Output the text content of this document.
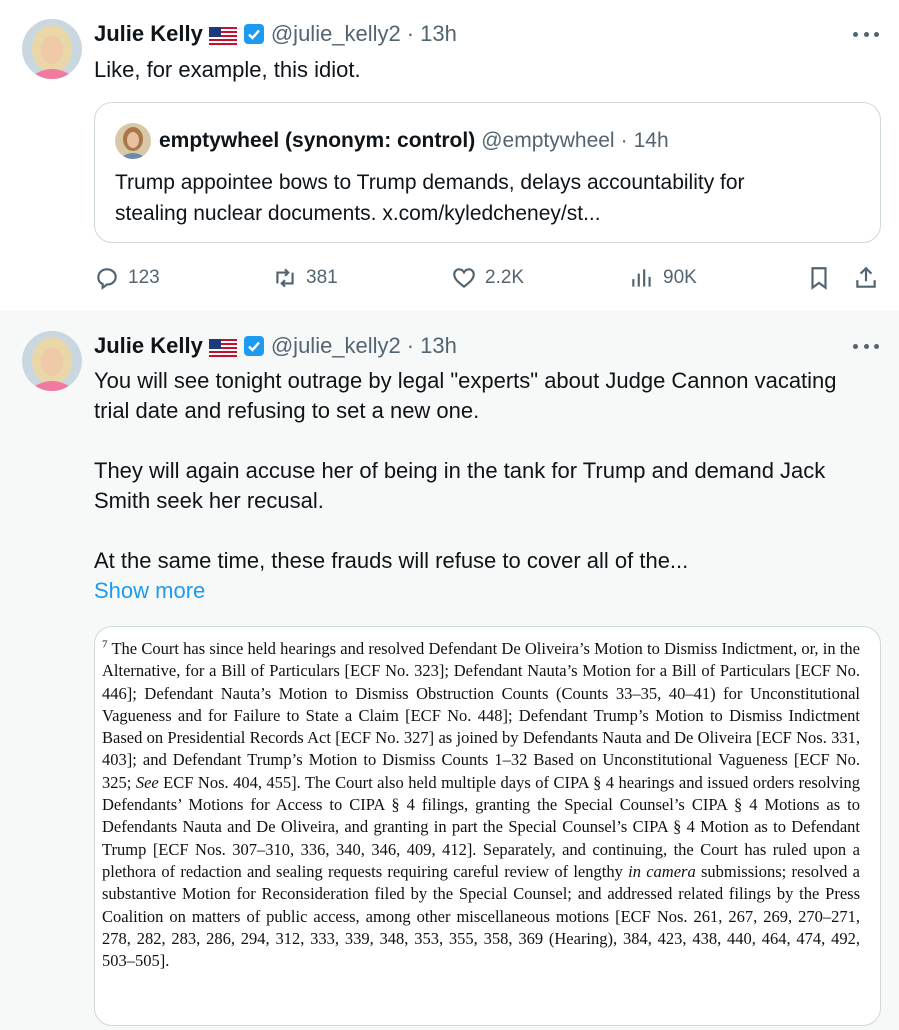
Julie Kelly	@julie_kelly2 · 13h
Like, for example, this idiot.
emptywheel (synonym: control) @emptywheel · 14h
Trump appointee bows to Trump demands, delays accountability for
stealing nuclear documents. x.com/kyledcheney/st...
123	381	2.2K	90K
Julie Kelly	@julie_kelly2 · 13h
You will see tonight outrage by legal "experts" about Judge Cannon vacating
trial date and refusing to set a new one.
They will again accuse her of being in the tank for Trump and demand Jack
Smith seek her recusal.
At the same time, these frauds will refuse to cover all of the...
Show more
$^7$ The Court has since held hearings and resolved Defendant De Oliveira’s Motion to Dismiss Indictment, or, in the Alternative, for a Bill of Particulars [ECF No. 323]; Defendant Nauta’s Motion for a Bill of Particulars [ECF No. 446]; Defendant Nauta’s Motion to Dismiss Obstruction Counts (Counts 33–35, 40–41) for Unconstitutional Vagueness and for Failure to State a Claim [ECF No. 448]; Defendant Trump’s Motion to Dismiss Indictment Based on Presidential Records Act [ECF No. 327] as joined by Defendants Nauta and De Oliveira [ECF Nos. 331, 403]; and Defendant Trump’s Motion to Dismiss Counts 1–32 Based on Unconstitutional Vagueness [ECF No. 325; See ECF Nos. 404, 455]. The Court also held multiple days of CIPA § 4 hearings and issued orders resolving Defendants’ Motions for Access to CIPA § 4 filings, granting the Special Counsel’s CIPA § 4 Motions as to Defendants Nauta and De Oliveira, and granting in part the Special Counsel’s CIPA § 4 Motion as to Defendant Trump [ECF Nos. 307–310, 336, 340, 346, 409, 412]. Separately, and continuing, the Court has ruled upon a plethora of redaction and sealing requests requiring careful review of lengthy in camera submissions; resolved a substantive Motion for Reconsideration filed by the Special Counsel; and addressed related filings by the Press Coalition on matters of public access, among other miscellaneous motions [ECF Nos. 261, 267, 269, 270–271, 278, 282, 283, 286, 294, 312, 333, 339, 348, 353, 355, 358, 369 (Hearing), 384, 423, 438, 440, 464, 474, 492, 503–505].
